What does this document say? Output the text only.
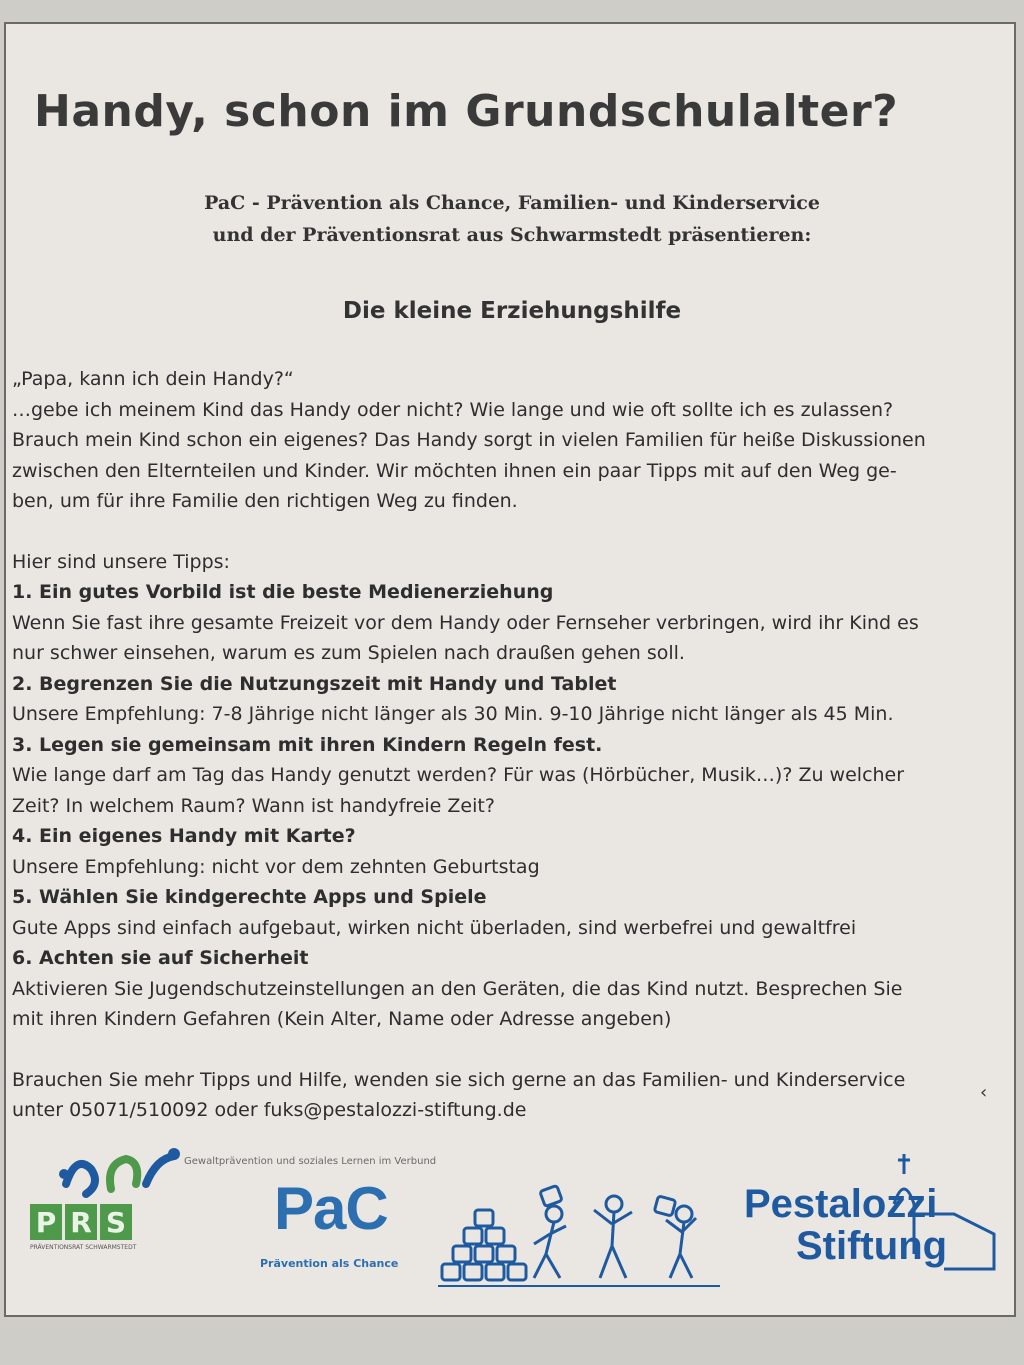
Handy, schon im Grundschulalter?
PaC - Prävention als Chance, Familien- und Kinderservice
und der Präventionsrat aus Schwarmstedt präsentieren:
Die kleine Erziehungshilfe

„Papa, kann ich dein Handy?“

…gebe ich meinem Kind das Handy oder nicht? Wie lange und wie oft sollte ich es zulassen?

Brauch mein Kind schon ein eigenes? Das Handy sorgt in vielen Familien für heiße Diskussionen

zwischen den Elternteilen und Kinder. Wir möchten ihnen ein paar Tipps mit auf den Weg ge-

ben, um für ihre Familie den richtigen Weg zu finden.

Hier sind unsere Tipps:

1. Ein gutes Vorbild ist die beste Medienerziehung

Wenn Sie fast ihre gesamte Freizeit vor dem Handy oder Fernseher verbringen, wird ihr Kind es

nur schwer einsehen, warum es zum Spielen nach draußen gehen soll.

2. Begrenzen Sie die Nutzungszeit mit Handy und Tablet

Unsere Empfehlung: 7-8 Jährige nicht länger als 30 Min. 9-10 Jährige nicht länger als 45 Min.

3. Legen sie gemeinsam mit ihren Kindern Regeln fest.

Wie lange darf am Tag das Handy genutzt werden? Für was (Hörbücher, Musik…)? Zu welcher

Zeit? In welchem Raum? Wann ist handyfreie Zeit?

4. Ein eigenes Handy mit Karte?

Unsere Empfehlung: nicht vor dem zehnten Geburtstag

5. Wählen Sie kindgerechte Apps und Spiele

Gute Apps sind einfach aufgebaut, wirken nicht überladen, sind werbefrei und gewaltfrei

6. Achten sie auf Sicherheit

Aktivieren Sie Jugendschutzeinstellungen an den Geräten, die das Kind nutzt. Besprechen Sie

mit ihren Kindern Gefahren (Kein Alter, Name oder Adresse angeben)

Brauchen Sie mehr Tipps und Hilfe, wenden sie sich gerne an das Familien- und Kinderservice

unter 05071/510092 oder fuks@pestalozzi-stiftung.de

Gewaltprävention und soziales Lernen im Verbund
P R S
PRÄVENTIONSRAT SCHWARMSTEDT
PaC
Prävention als Chance
Pestalozzi
Stiftung
‹
